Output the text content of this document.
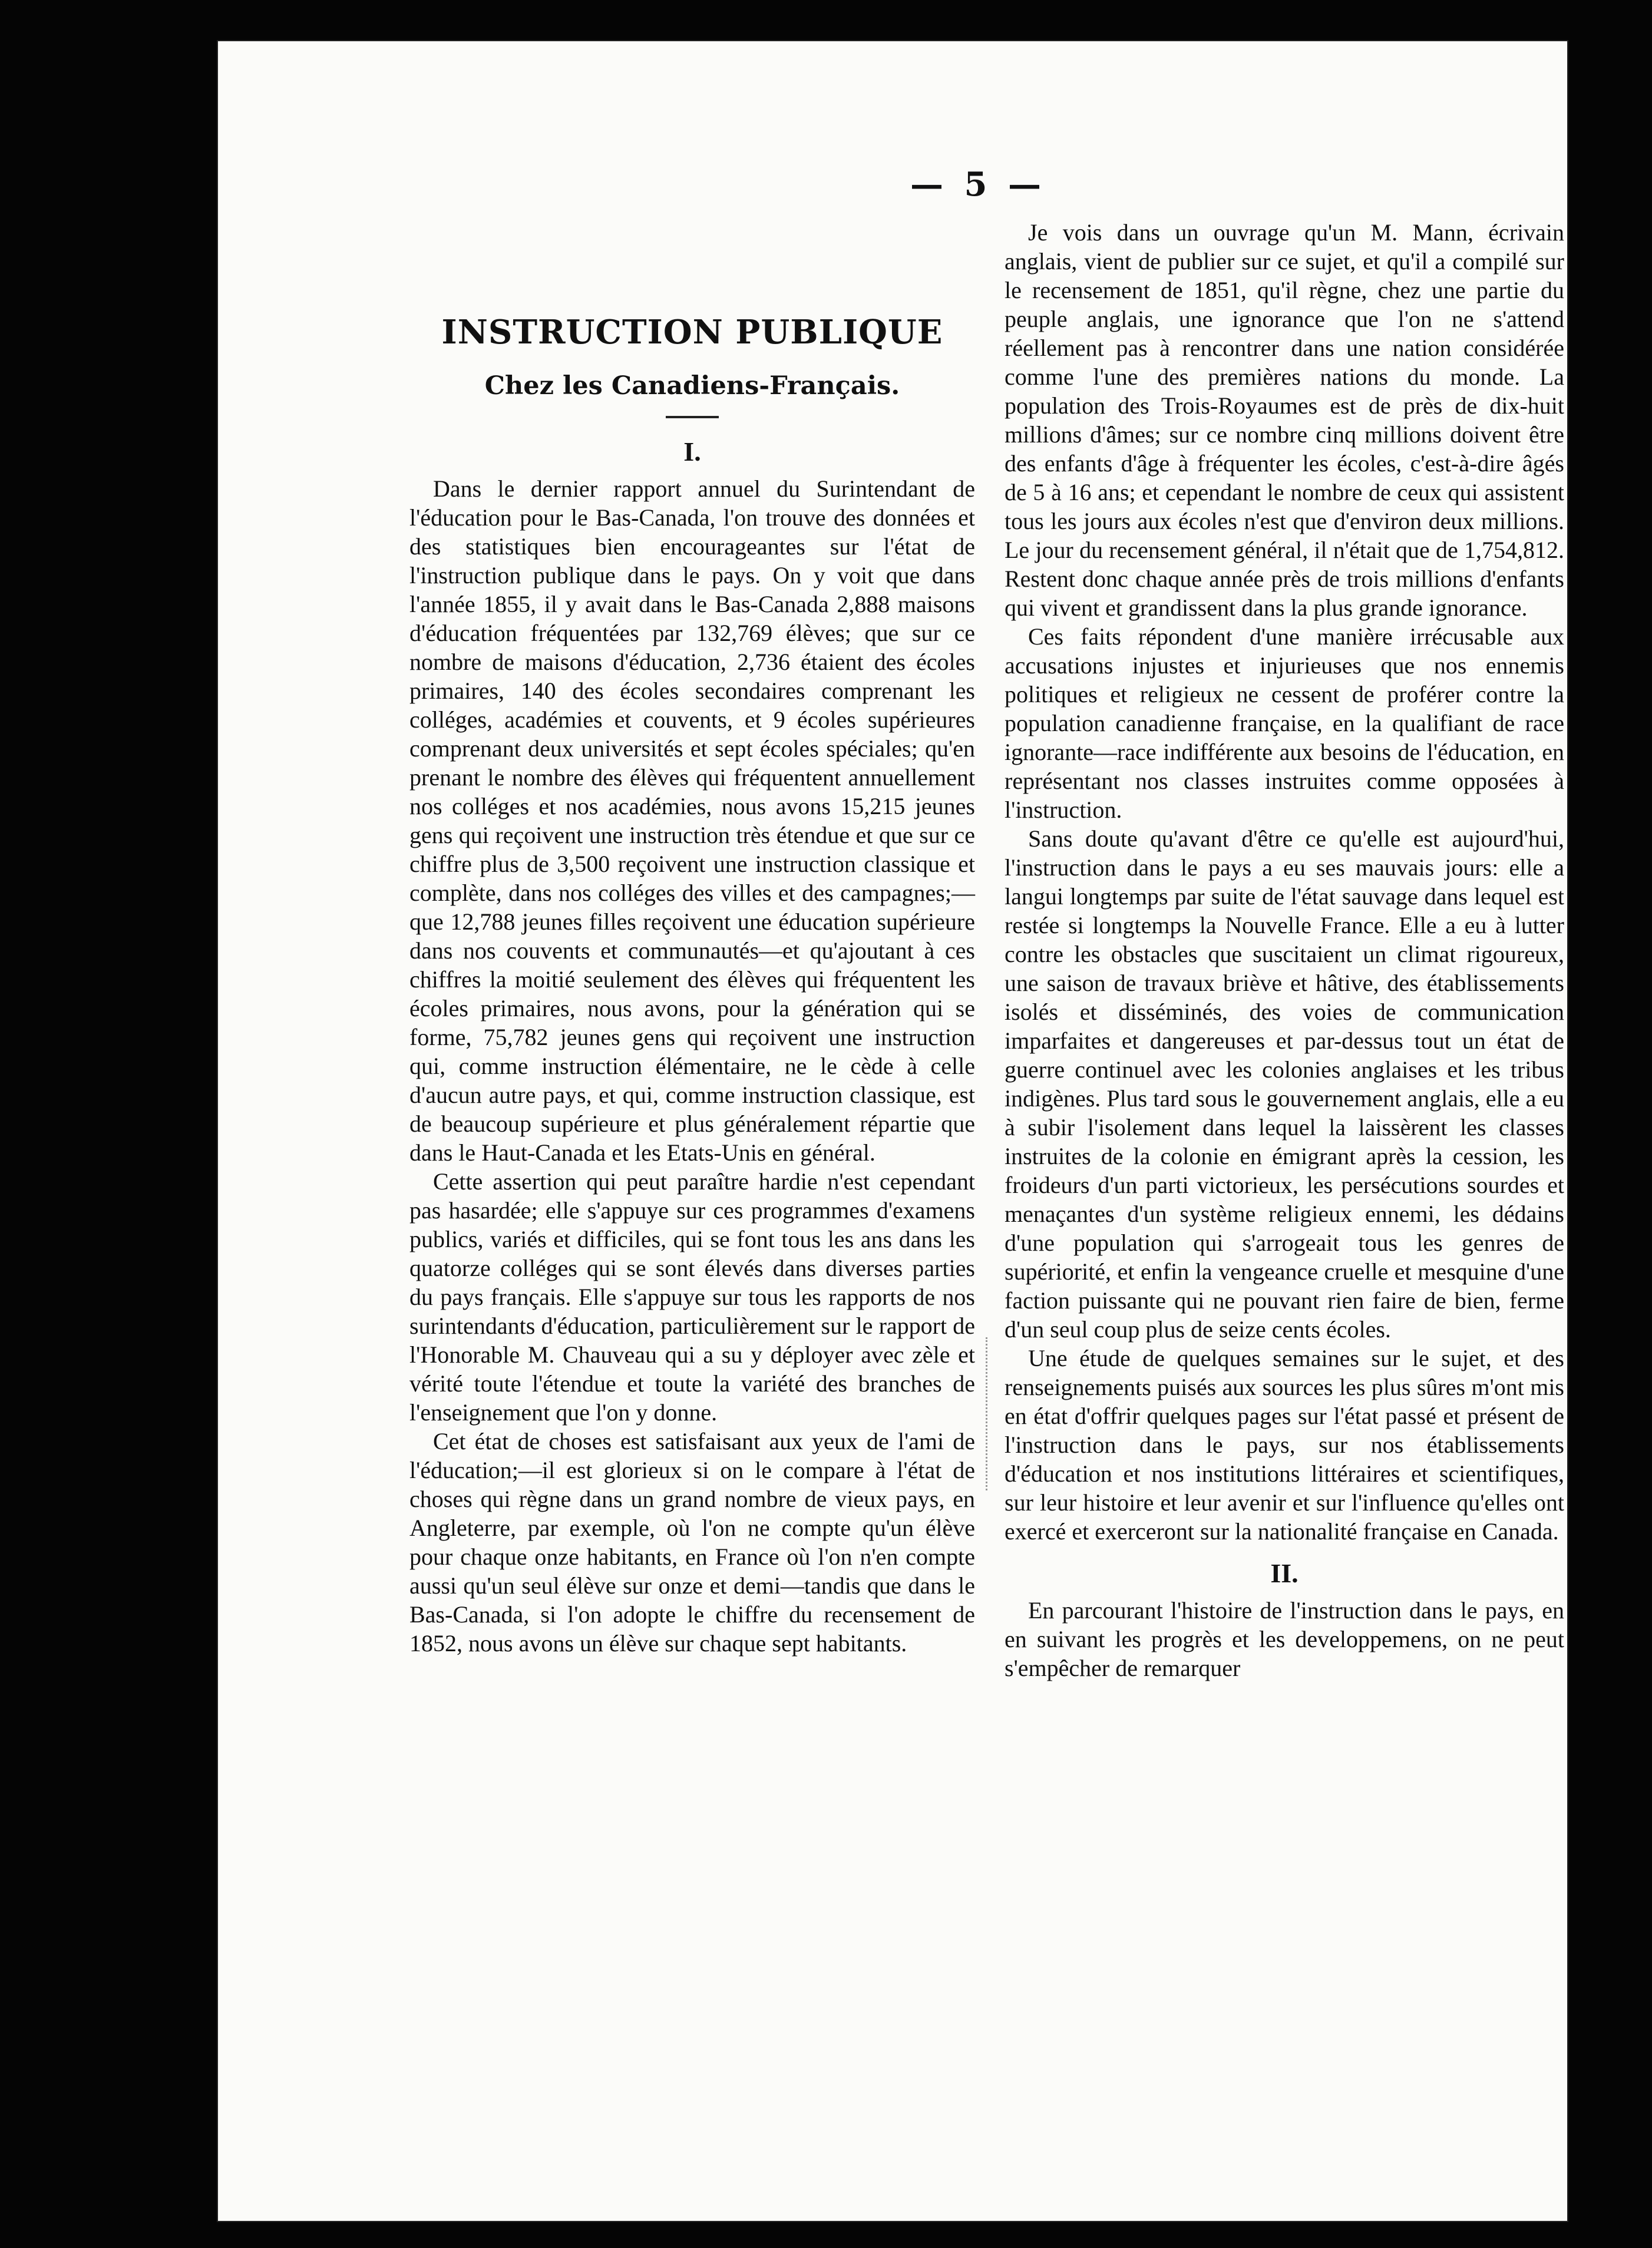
— 5 —
INSTRUCTION PUBLIQUE
Chez les Canadiens-Français.
I.

Dans le dernier rapport annuel du Surintendant de l'éducation pour le Bas-Canada, l'on trouve des données et des statistiques bien encourageantes sur l'état de l'instruction publique dans le pays. On y voit que dans l'année 1855, il y avait dans le Bas-Canada 2,888 maisons d'éducation fréquentées par 132,769 élèves; que sur ce nombre de maisons d'éducation, 2,736 étaient des écoles primaires, 140 des écoles secondaires comprenant les colléges, académies et couvents, et 9 écoles supérieures comprenant deux universités et sept écoles spéciales; qu'en prenant le nombre des élèves qui fréquentent annuellement nos colléges et nos académies, nous avons 15,215 jeunes gens qui reçoivent une instruction très étendue et que sur ce chiffre plus de 3,500 reçoivent une instruction classique et complète, dans nos colléges des villes et des campagnes;—que 12,788 jeunes filles reçoivent une éducation supérieure dans nos couvents et communautés—et qu'ajoutant à ces chiffres la moitié seulement des élèves qui fréquentent les écoles primaires, nous avons, pour la génération qui se forme, 75,782 jeunes gens qui reçoivent une instruction qui, comme instruction élémentaire, ne le cède à celle d'aucun autre pays, et qui, comme instruction classique, est de beaucoup supérieure et plus généralement répartie que dans le Haut-Canada et les Etats-Unis en général.

Cette assertion qui peut paraître hardie n'est cependant pas hasardée; elle s'appuye sur ces programmes d'examens publics, variés et difficiles, qui se font tous les ans dans les quatorze colléges qui se sont élevés dans diverses parties du pays français. Elle s'appuye sur tous les rapports de nos surintendants d'éducation, particulièrement sur le rapport de l'Honorable M. Chauveau qui a su y déployer avec zèle et vérité toute l'étendue et toute la variété des branches de l'enseignement que l'on y donne.

Cet état de choses est satisfaisant aux yeux de l'ami de l'éducation;—il est glorieux si on le compare à l'état de choses qui règne dans un grand nombre de vieux pays, en Angleterre, par exemple, où l'on ne compte qu'un élève pour chaque onze habitants, en France où l'on n'en compte aussi qu'un seul élève sur onze et demi—tandis que dans le Bas-Canada, si l'on adopte le chiffre du recensement de 1852, nous avons un élève sur chaque sept habitants.

Je vois dans un ouvrage qu'un M. Mann, écrivain anglais, vient de publier sur ce sujet, et qu'il a compilé sur le recensement de 1851, qu'il règne, chez une partie du peuple anglais, une ignorance que l'on ne s'attend réellement pas à rencontrer dans une nation considérée comme l'une des premières nations du monde. La population des Trois-Royaumes est de près de dix-huit millions d'âmes; sur ce nombre cinq millions doivent être des enfants d'âge à fréquenter les écoles, c'est-à-dire âgés de 5 à 16 ans; et cependant le nombre de ceux qui assistent tous les jours aux écoles n'est que d'environ deux millions. Le jour du recensement général, il n'était que de 1,754,812. Restent donc chaque année près de trois millions d'enfants qui vivent et grandissent dans la plus grande ignorance.

Ces faits répondent d'une manière irrécusable aux accusations injustes et injurieuses que nos ennemis politiques et religieux ne cessent de proférer contre la population canadienne française, en la qualifiant de race ignorante—race indifférente aux besoins de l'éducation, en représentant nos classes instruites comme opposées à l'instruction.

Sans doute qu'avant d'être ce qu'elle est aujourd'hui, l'instruction dans le pays a eu ses mauvais jours: elle a langui longtemps par suite de l'état sauvage dans lequel est restée si longtemps la Nouvelle France. Elle a eu à lutter contre les obstacles que suscitaient un climat rigoureux, une saison de travaux briève et hâtive, des établissements isolés et disséminés, des voies de communication imparfaites et dangereuses et par-dessus tout un état de guerre continuel avec les colonies anglaises et les tribus indigènes. Plus tard sous le gouvernement anglais, elle a eu à subir l'isolement dans lequel la laissèrent les classes instruites de la colonie en émigrant après la cession, les froideurs d'un parti victorieux, les persécutions sourdes et menaçantes d'un système religieux ennemi, les dédains d'une population qui s'arrogeait tous les genres de supériorité, et enfin la vengeance cruelle et mesquine d'une faction puissante qui ne pouvant rien faire de bien, ferme d'un seul coup plus de seize cents écoles.

Une étude de quelques semaines sur le sujet, et des renseignements puisés aux sources les plus sûres m'ont mis en état d'offrir quelques pages sur l'état passé et présent de l'instruction dans le pays, sur nos établissements d'éducation et nos institutions littéraires et scientifiques, sur leur histoire et leur avenir et sur l'influence qu'elles ont exercé et exerceront sur la nationalité française en Canada.

II.

En parcourant l'histoire de l'instruction dans le pays, en en suivant les progrès et les developpemens, on ne peut s'empêcher de remarquer
